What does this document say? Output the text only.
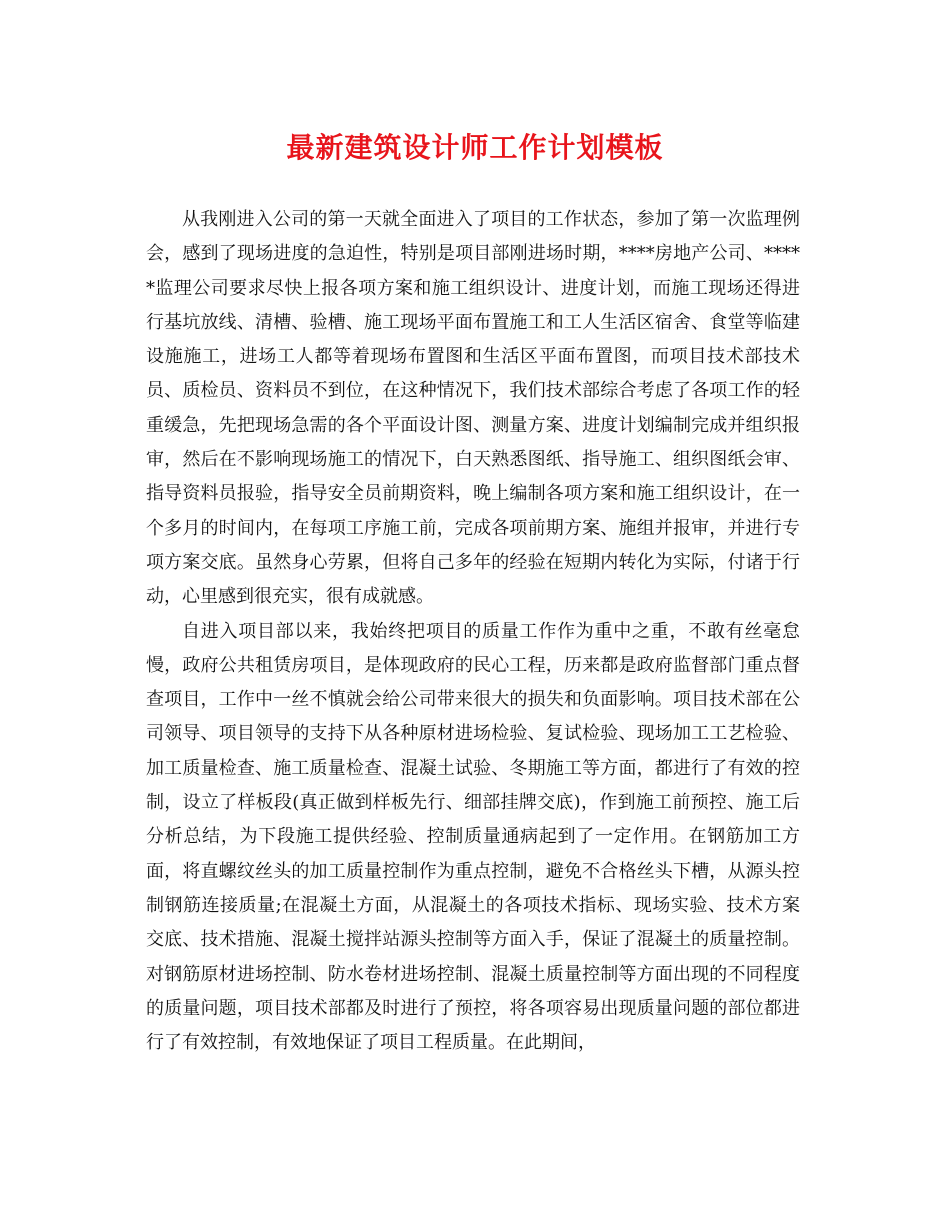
最新建筑设计师工作计划模板

从我刚进入公司的第一天就全面进入了项目的工作状态，参加了第一次监理例会，感到了现场进度的急迫性，特别是项目部刚进场时期，****房地产公司、*****监理公司要求尽快上报各项方案和施工组织设计、进度计划，而施工现场还得进行基坑放线、清槽、验槽、施工现场平面布置施工和工人生活区宿舍、食堂等临建设施施工，进场工人都等着现场布置图和生活区平面布置图，而项目技术部技术员、质检员、资料员不到位，在这种情况下，我们技术部综合考虑了各项工作的轻重缓急，先把现场急需的各个平面设计图、测量方案、进度计划编制完成并组织报审，然后在不影响现场施工的情况下，白天熟悉图纸、指导施工、组织图纸会审、指导资料员报验，指导安全员前期资料，晚上编制各项方案和施工组织设计，在一个多月的时间内，在每项工序施工前，完成各项前期方案、施组并报审，并进行专项方案交底。虽然身心劳累，但将自己多年的经验在短期内转化为实际，付诸于行动，心里感到很充实，很有成就感。

自进入项目部以来，我始终把项目的质量工作作为重中之重，不敢有丝毫怠慢，政府公共租赁房项目，是体现政府的民心工程，历来都是政府监督部门重点督查项目，工作中一丝不慎就会给公司带来很大的损失和负面影响。项目技术部在公司领导、项目领导的支持下从各种原材进场检验、复试检验、现场加工工艺检验、加工质量检查、施工质量检查、混凝土试验、冬期施工等方面，都进行了有效的控制，设立了样板段(真正做到样板先行、细部挂牌交底)，作到施工前预控、施工后分析总结，为下段施工提供经验、控制质量通病起到了一定作用。在钢筋加工方面，将直螺纹丝头的加工质量控制作为重点控制，避免不合格丝头下槽，从源头控制钢筋连接质量;在混凝土方面，从混凝土的各项技术指标、现场实验、技术方案交底、技术措施、混凝土搅拌站源头控制等方面入手，保证了混凝土的质量控制。对钢筋原材进场控制、防水卷材进场控制、混凝土质量控制等方面出现的不同程度的质量问题，项目技术部都及时进行了预控，将各项容易出现质量问题的部位都进行了有效控制，有效地保证了项目工程质量。在此期间，
